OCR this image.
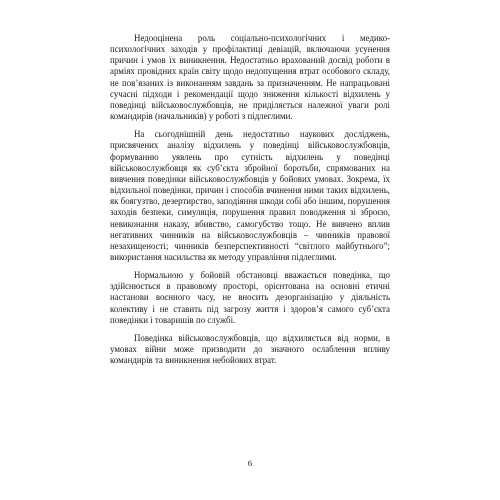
Недооцінена роль соціально-психологічних і медико-психологічних заходів у профілактиці девіацій, включаючи усунення причин і умов їх виникнення. Недостатньо врахований досвід роботи в арміях провідних країн світу щодо недопущення втрат особового складу, не пов’язаних із виконанням завдань за призначенням. Не напрацьовані сучасні підходи і рекомендації щодо зниження кількості відхилень у поведінці військовослужбовців, не приділяється належної уваги ролі командирів (начальників) у роботі з підлеглими.

На сьогоднішній день недостатньо наукових досліджень, присвячених аналізу відхилень у поведінці військовослужбовців, формуванню уявлень про сутність відхилень у поведінці військовослужбовця як суб’єкта збройної боротьби, спрямованих на вивчення поведінки військовослужбовців у бойових умовах. Зокрема, їх відхильної поведінки, причин і способів вчинення ними таких відхилень, як боягузтво, дезертирство, заподіяння шкоди собі або іншим, порушення заходів безпеки, симуляція, порушення правил поводження зі зброєю, невиконання наказу, вбивство, самогубство тощо. Не вивчено вплив негативних чинників на військовослужбовців – чинників правової незахищеності; чинників безперспективності “світлого майбутнього”; використання насильства як методу управління підлеглими.

Нормальною у бойовій обстановці вважається поведінка, що здійснюється в правовому просторі, орієнтована на основні етичні настанови воєнного часу, не вносить дезорганізацію у діяльність колективу і не ставить під загрозу життя і здоров’я самого суб’єкта поведінки і товаришів по службі.

Поведінка військовослужбовців, що відхиляється від норми, в умовах війни може призводити до значного ослаблення впливу командирів та виникнення небойових втрат.

6
